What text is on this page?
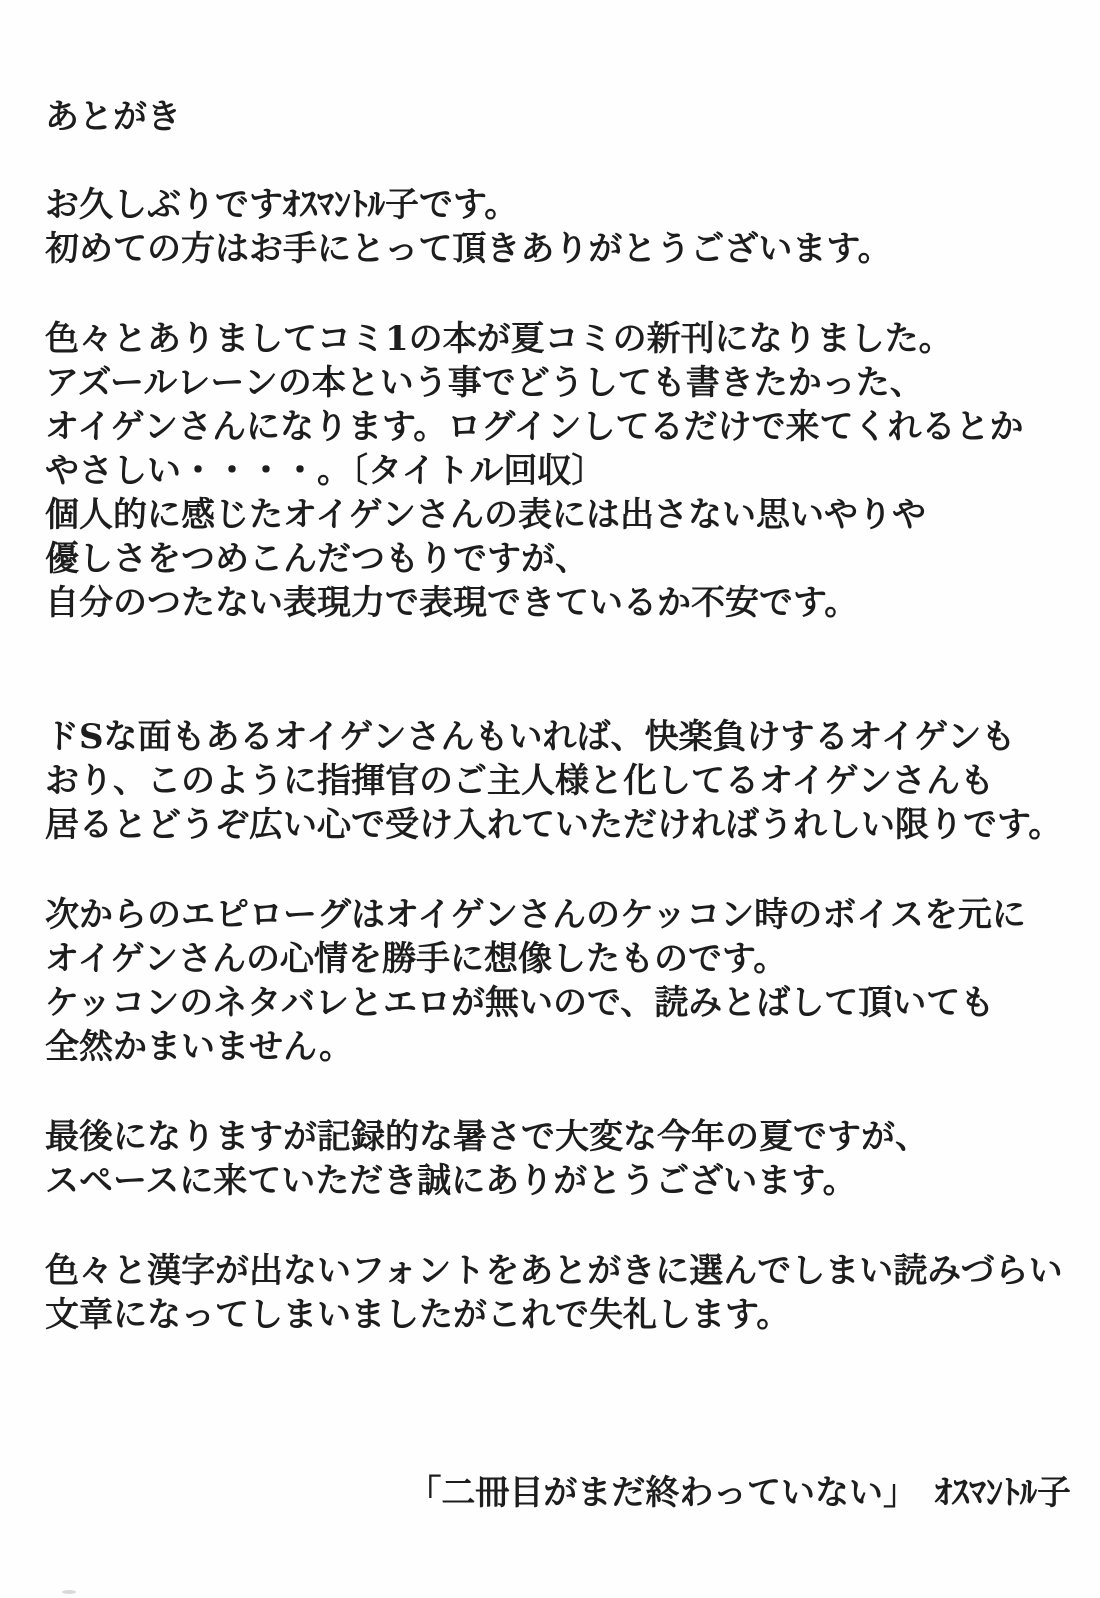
あとがき
お久しぶりですｵｽﾏﾝﾄﾙ子です。
初めての方はお手にとって頂きありがとうございます。
色々とありましてコミ1の本が夏コミの新刊になりました。
アズールレーンの本という事でどうしても書きたかった、
オイゲンさんになります。ログインしてるだけで来てくれるとか
やさしい・・・・。〔タイトル回収〕
個人的に感じたオイゲンさんの表には出さない思いやりや
優しさをつめこんだつもりですが、
自分のつたない表現力で表現できているか不安です。
ドSな面もあるオイゲンさんもいれば、快楽負けするオイゲンも
おり、このように指揮官のご主人様と化してるオイゲンさんも
居るとどうぞ広い心で受け入れていただければうれしい限りです。
次からのエピローグはオイゲンさんのケッコン時のボイスを元に
オイゲンさんの心情を勝手に想像したものです。
ケッコンのネタバレとエロが無いので、読みとばして頂いても
全然かまいません。
最後になりますが記録的な暑さで大変な今年の夏ですが、
スペースに来ていただき誠にありがとうございます。
色々と漢字が出ないフォントをあとがきに選んでしまい読みづらい
文章になってしまいましたがこれで失礼します。

「二冊目がまだ終わっていない」 ｵｽﾏﾝﾄﾙ子
